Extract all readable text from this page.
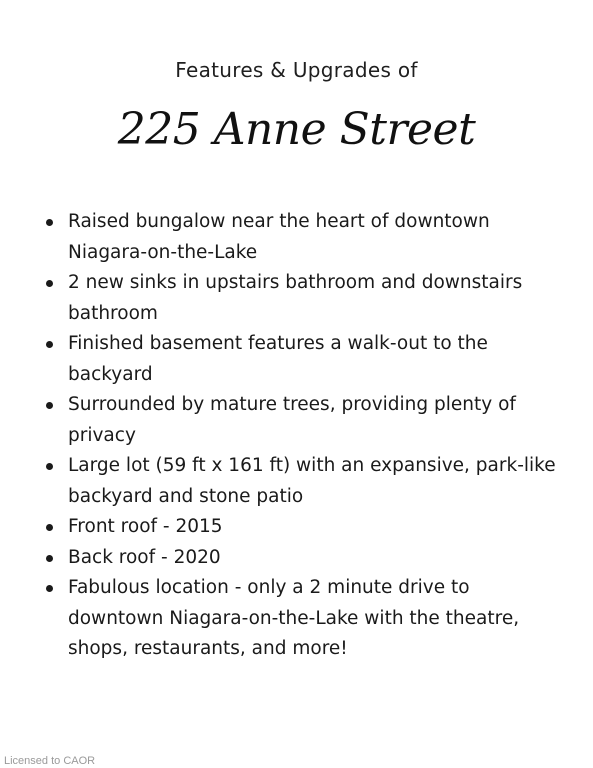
Features & Upgrades of
225 Anne Street
Raised bungalow near the heart of downtown Niagara-on-the-Lake
2 new sinks in upstairs bathroom and downstairs bathroom
Finished basement features a walk-out to the backyard
Surrounded by mature trees, providing plenty of privacy
Large lot (59 ft x 161 ft) with an expansive, park-like backyard and stone patio
Front roof - 2015
Back roof - 2020
Fabulous location - only a 2 minute drive to downtown Niagara-on-the-Lake with the theatre, shops, restaurants, and more!
Licensed to CAOR
